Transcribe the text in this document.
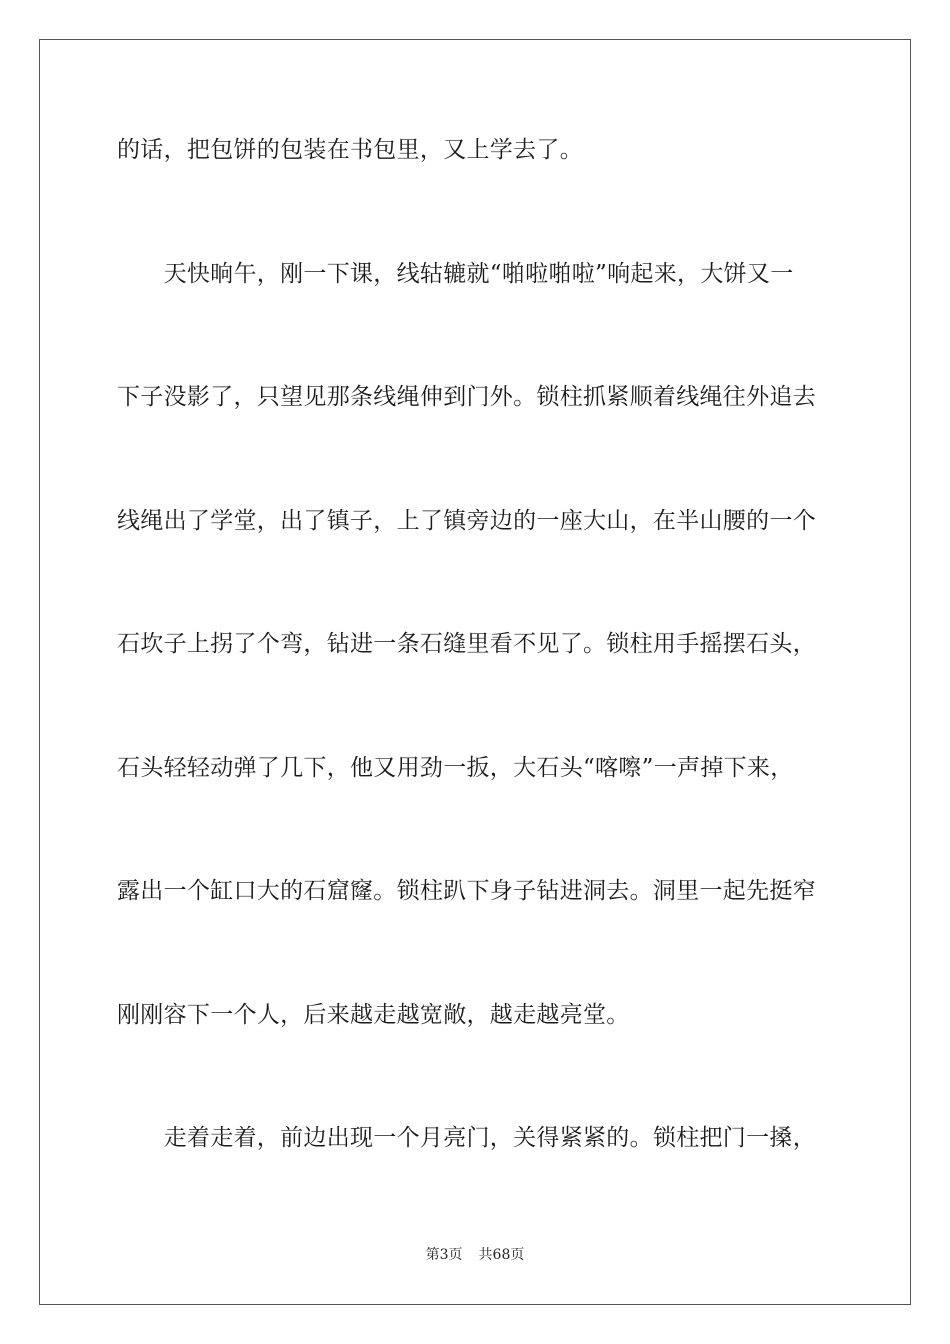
的话，把包饼的包装在书包里，又上学去了。
　　天快晌午，刚一下课，线轱辘就“啪啦啪啦”响起来，大饼又一
下子没影了，只望见那条线绳伸到门外。锁柱抓紧顺着线绳往外追去
线绳出了学堂，出了镇子，上了镇旁边的一座大山，在半山腰的一个
石坎子上拐了个弯，钻进一条石缝里看不见了。锁柱用手摇摆石头，
石头轻轻动弹了几下，他又用劲一扳，大石头“喀嚓”一声掉下来，
露出一个缸口大的石窟窿。锁柱趴下身子钻进洞去。洞里一起先挺窄
刚刚容下一个人，后来越走越宽敞，越走越亮堂。
　　走着走着，前边出现一个月亮门，关得紧紧的。锁柱把门一搡，
第3页 共68页
